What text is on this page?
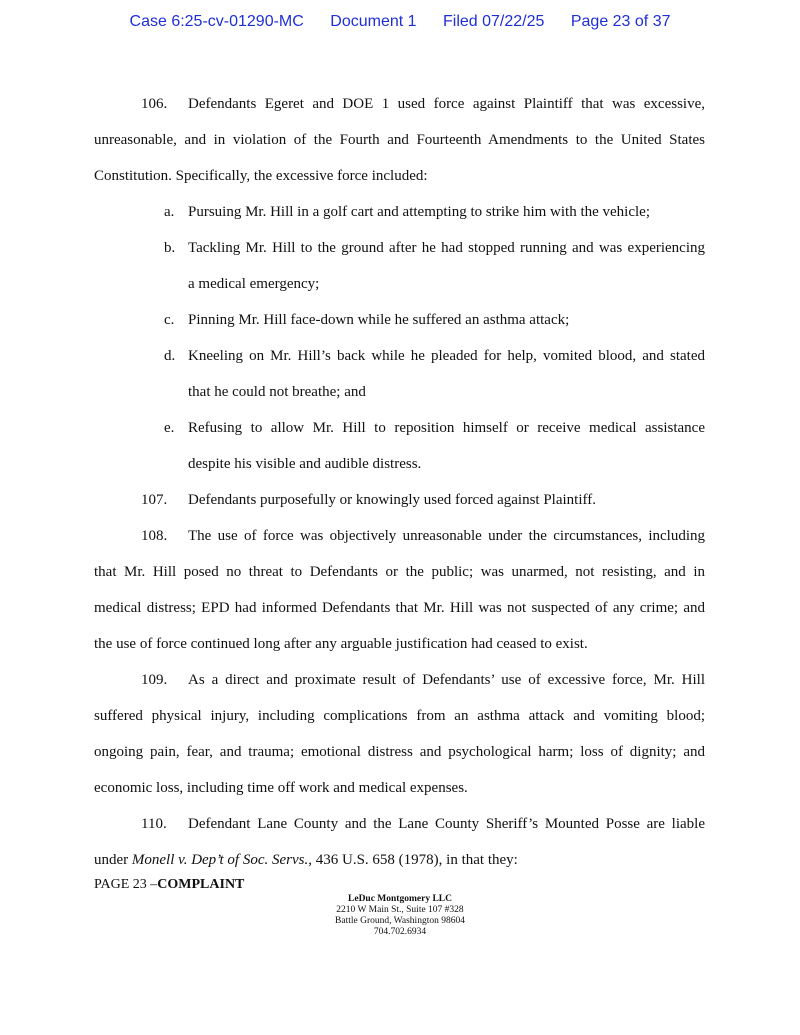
Case 6:25-cv-01290-MC Document 1 Filed 07/22/25 Page 23 of 37
106. Defendants Egeret and DOE 1 used force against Plaintiff that was excessive,
unreasonable, and in violation of the Fourth and Fourteenth Amendments to the United States
Constitution. Specifically, the excessive force included:
a. Pursuing Mr. Hill in a golf cart and attempting to strike him with the vehicle;
b. Tackling Mr. Hill to the ground after he had stopped running and was experiencing
a medical emergency;
c. Pinning Mr. Hill face-down while he suffered an asthma attack;
d. Kneeling on Mr. Hill’s back while he pleaded for help, vomited blood, and stated
that he could not breathe; and
e. Refusing to allow Mr. Hill to reposition himself or receive medical assistance
despite his visible and audible distress.
107. Defendants purposefully or knowingly used forced against Plaintiff.
108. The use of force was objectively unreasonable under the circumstances, including
that Mr. Hill posed no threat to Defendants or the public; was unarmed, not resisting, and in
medical distress; EPD had informed Defendants that Mr. Hill was not suspected of any crime; and
the use of force continued long after any arguable justification had ceased to exist.
109. As a direct and proximate result of Defendants’ use of excessive force, Mr. Hill
suffered physical injury, including complications from an asthma attack and vomiting blood;
ongoing pain, fear, and trauma; emotional distress and psychological harm; loss of dignity; and
economic loss, including time off work and medical expenses.
110. Defendant Lane County and the Lane County Sheriff’s Mounted Posse are liable
under Monell v. Dep’t of Soc. Servs., 436 U.S. 658 (1978), in that they:
PAGE 23 –COMPLAINT
LeDuc Montgomery LLC
2210 W Main St., Suite 107 #328
Battle Ground, Washington 98604
704.702.6934
